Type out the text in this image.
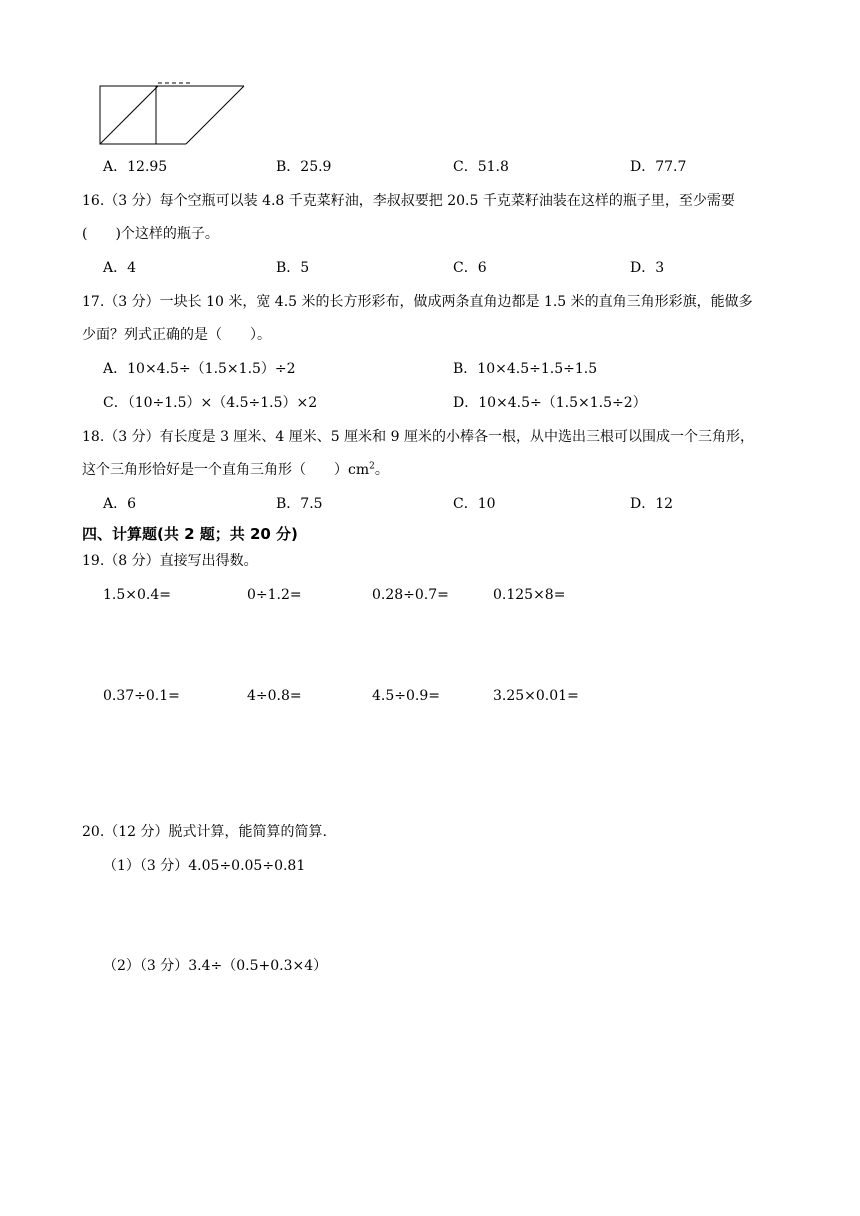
A．12.95	B．25.9	C．51.8	D．77.7
16.（3 分）每个空瓶可以装 4.8 千克菜籽油，李叔叔要把 20.5 千克菜籽油装在这样的瓶子里，至少需要
(　　)个这样的瓶子。
A．4	B．5	C．6	D．3
17.（3 分）一块长 10 米，宽 4.5 米的长方形彩布，做成两条直角边都是 1.5 米的直角三角形彩旗，能做多
少面？列式正确的是（　　）。
A．10×4.5÷（1.5×1.5）÷2	B．10×4.5÷1.5÷1.5
C．（10÷1.5）×（4.5÷1.5）×2	D．10×4.5÷（1.5×1.5÷2）
18.（3 分）有长度是 3 厘米、4 厘米、5 厘米和 9 厘米的小棒各一根，从中选出三根可以围成一个三角形，
这个三角形恰好是一个直角三角形（　　）$cm^2$。
A．6	B．7.5	C．10	D．12
四、计算题(共 2 题；共 20 分)
19.（8 分）直接写出得数。
1.5×0.4=	0÷1.2=	0.28÷0.7=	0.125×8=
0.37÷0.1=	4÷0.8=	4.5÷0.9=	3.25×0.01=
20.（12 分）脱式计算，能简算的简算.
（1）（3 分）4.05÷0.05÷0.81
（2）（3 分）3.4÷（0.5+0.3×4）
